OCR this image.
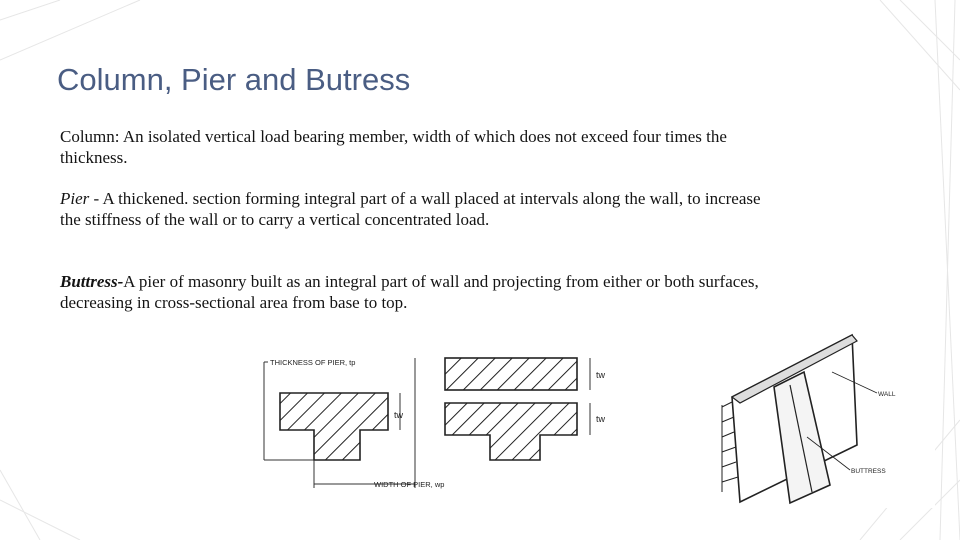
Column, Pier and Butress
Column: An isolated vertical load bearing member, width of which does not exceed four times the thickness.
Pier - A thickened. section forming integral part of a wall placed at intervals along the wall, to increase the stiffness of the wall or to carry a vertical concentrated load.
Buttress-A pier of masonry built as an integral part of wall and projecting from either or both surfaces, decreasing in cross-sectional area from base to top.
THICKNESS OF PIER, tp
WIDTH OF PIER, wp
tw
tw
tw
WALL
BUTTRESS
